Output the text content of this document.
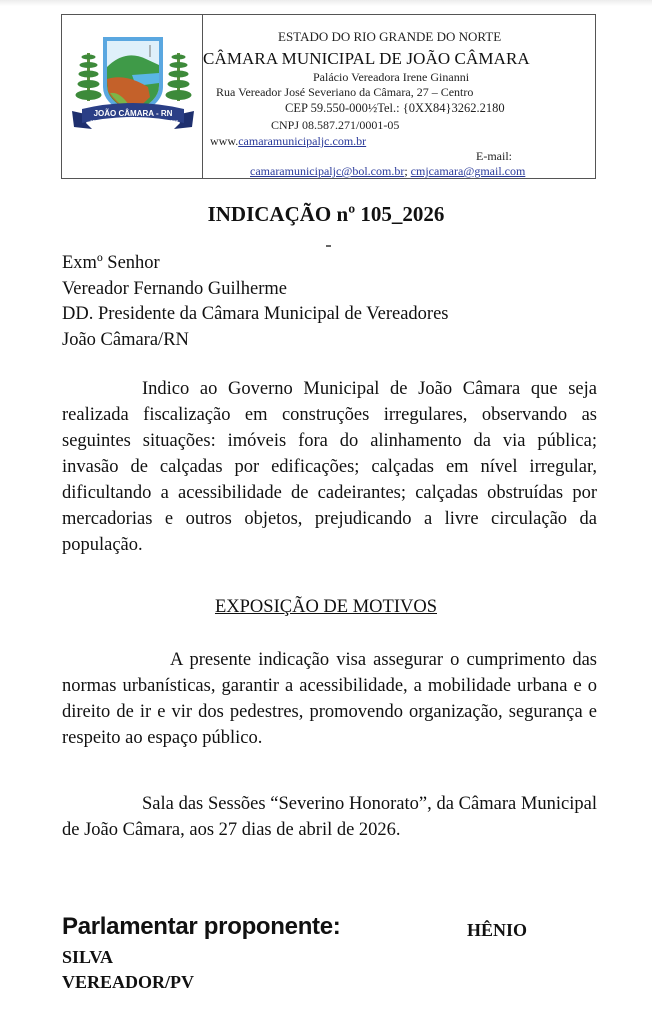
JOÃO CÂMARA - RN
1910	1928
ESTADO DO RIO GRANDE DO NORTE
CÂMARA MUNICIPAL DE JOÃO CÂMARA
Palácio Vereadora Irene Ginanni
Rua Vereador José Severiano da Câmara, 27 – Centro
CEP 59.550-000½Tel.: {0XX84}3262.2180
CNPJ 08.587.271/0001-05
www.camaramunicipaljc.com.br
E-mail:
camaramunicipaljc@bol.com.br; cmjcamara@gmail.com
INDICAÇÃO nº 105_2026
Exmº Senhor
Vereador Fernando Guilherme
DD. Presidente da Câmara Municipal de Vereadores
João Câmara/RN
Indico ao Governo Municipal de João Câmara que seja realizada fiscalização em construções irregulares, observando as seguintes situações: imóveis fora do alinhamento da via pública; invasão de calçadas por edificações; calçadas em nível irregular, dificultando a acessibilidade de cadeirantes; calçadas obstruídas por mercadorias e outros objetos, prejudicando a livre circulação da população.
EXPOSIÇÃO DE MOTIVOS
A presente indicação visa assegurar o cumprimento das normas urbanísticas, garantir a acessibilidade, a mobilidade urbana e o direito de ir e vir dos pedestres, promovendo organização, segurança e respeito ao espaço público.
Sala das Sessões “Severino Honorato”, da Câmara Municipal de João Câmara, aos 27 dias de abril de 2026.
Parlamentar proponente:	HÊNIO
SILVA
VEREADOR/PV
